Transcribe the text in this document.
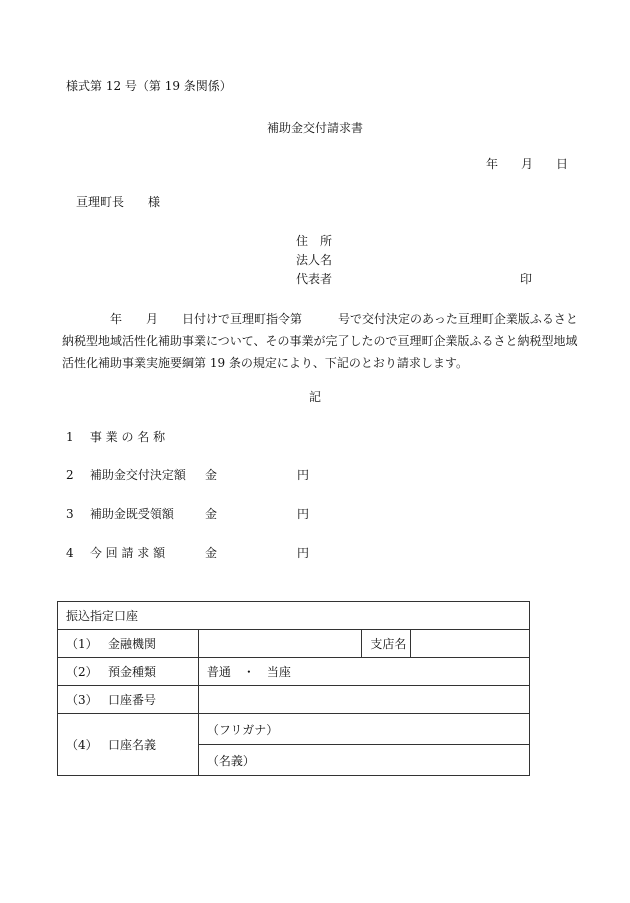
様式第 12 号（第 19 条関係）
補助金交付請求書
年 月 日
亘理町長　　様
住　所
法人名
代表者	印
　　　　年　　月　　日付けで亘理町指令第　　　号で交付決定のあった亘理町企業版ふるさと納税型地域活性化補助事業について、その事業が完了したので亘理町企業版ふるさと納税型地域活性化補助事業実施要綱第 19 条の規定により、下記のとおり請求します。
記
1 事 業 の 名 称
2 補助金交付決定額 金	円
3 補助金既受領額	金	円
4 今 回 請 求 額	金	円
振込指定口座			
（1） 金融機関		支店名	
（2） 預金種類	普通　・　当座		
（3） 口座番号			
（4） 口座名義	（フリガナ）		
	（名義）		
